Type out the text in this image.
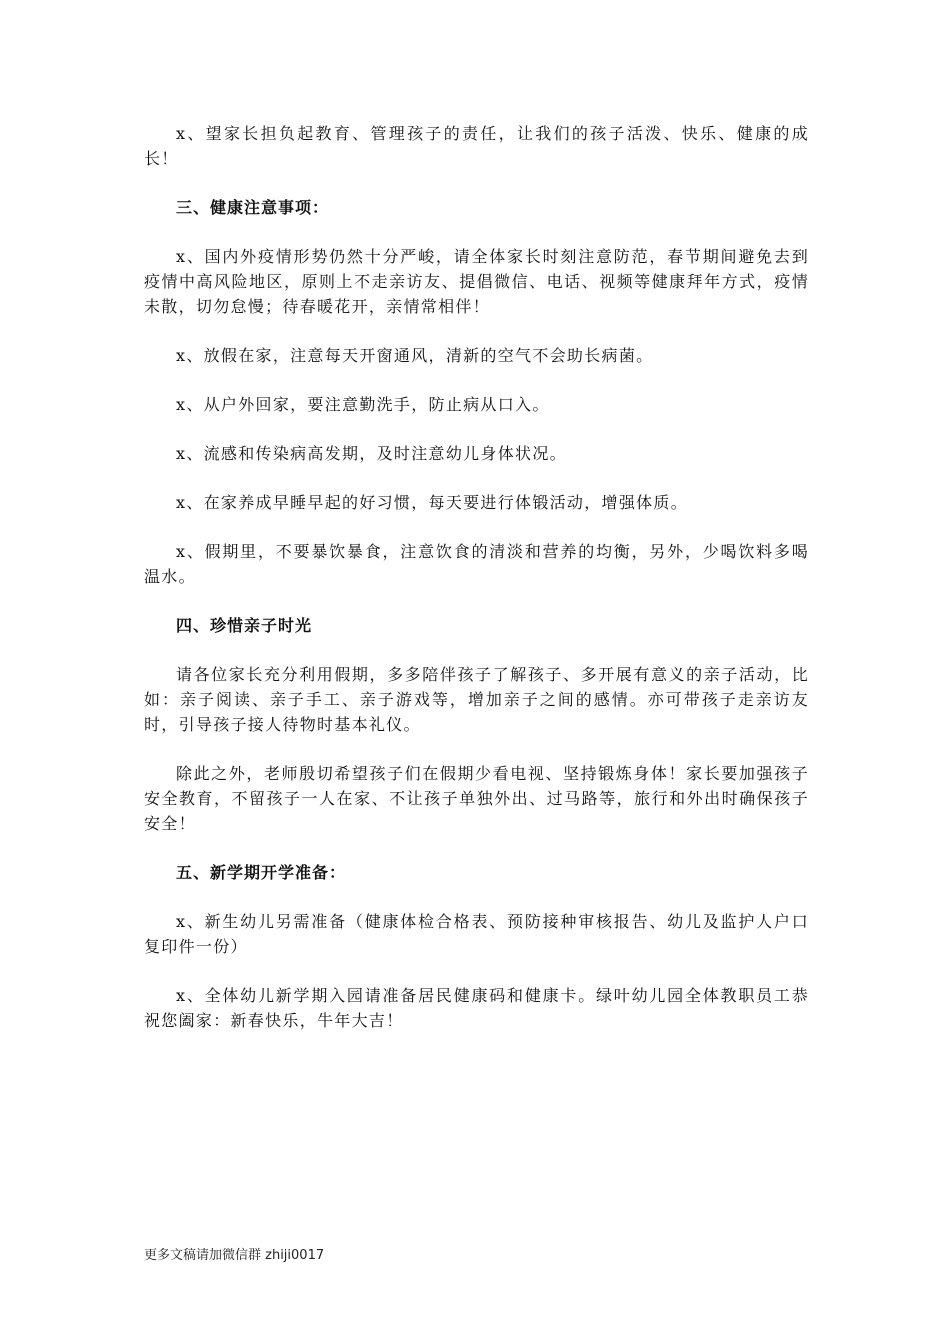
x、望家长担负起教育、管理孩子的责任，让我们的孩子活泼、快乐、健康的成长！

三、健康注意事项：

x、国内外疫情形势仍然十分严峻，请全体家长时刻注意防范，春节期间避免去到疫情中高风险地区，原则上不走亲访友、提倡微信、电话、视频等健康拜年方式，疫情未散，切勿怠慢；待春暖花开，亲情常相伴！

x、放假在家，注意每天开窗通风，清新的空气不会助长病菌。

x、从户外回家，要注意勤洗手，防止病从口入。

x、流感和传染病高发期，及时注意幼儿身体状况。

x、在家养成早睡早起的好习惯，每天要进行体锻活动，增强体质。

x、假期里，不要暴饮暴食，注意饮食的清淡和营养的均衡，另外，少喝饮料多喝温水。

四、珍惜亲子时光

请各位家长充分利用假期，多多陪伴孩子了解孩子、多开展有意义的亲子活动，比如：亲子阅读、亲子手工、亲子游戏等，增加亲子之间的感情。亦可带孩子走亲访友时，引导孩子接人待物时基本礼仪。

除此之外，老师殷切希望孩子们在假期少看电视、坚持锻炼身体！家长要加强孩子安全教育，不留孩子一人在家、不让孩子单独外出、过马路等，旅行和外出时确保孩子安全！

五、新学期开学准备：

x、新生幼儿另需准备（健康体检合格表、预防接种审核报告、幼儿及监护人户口复印件一份）

x、全体幼儿新学期入园请准备居民健康码和健康卡。绿叶幼儿园全体教职员工恭祝您阖家：新春快乐，牛年大吉！

更多文稿请加微信群 zhiji0017
